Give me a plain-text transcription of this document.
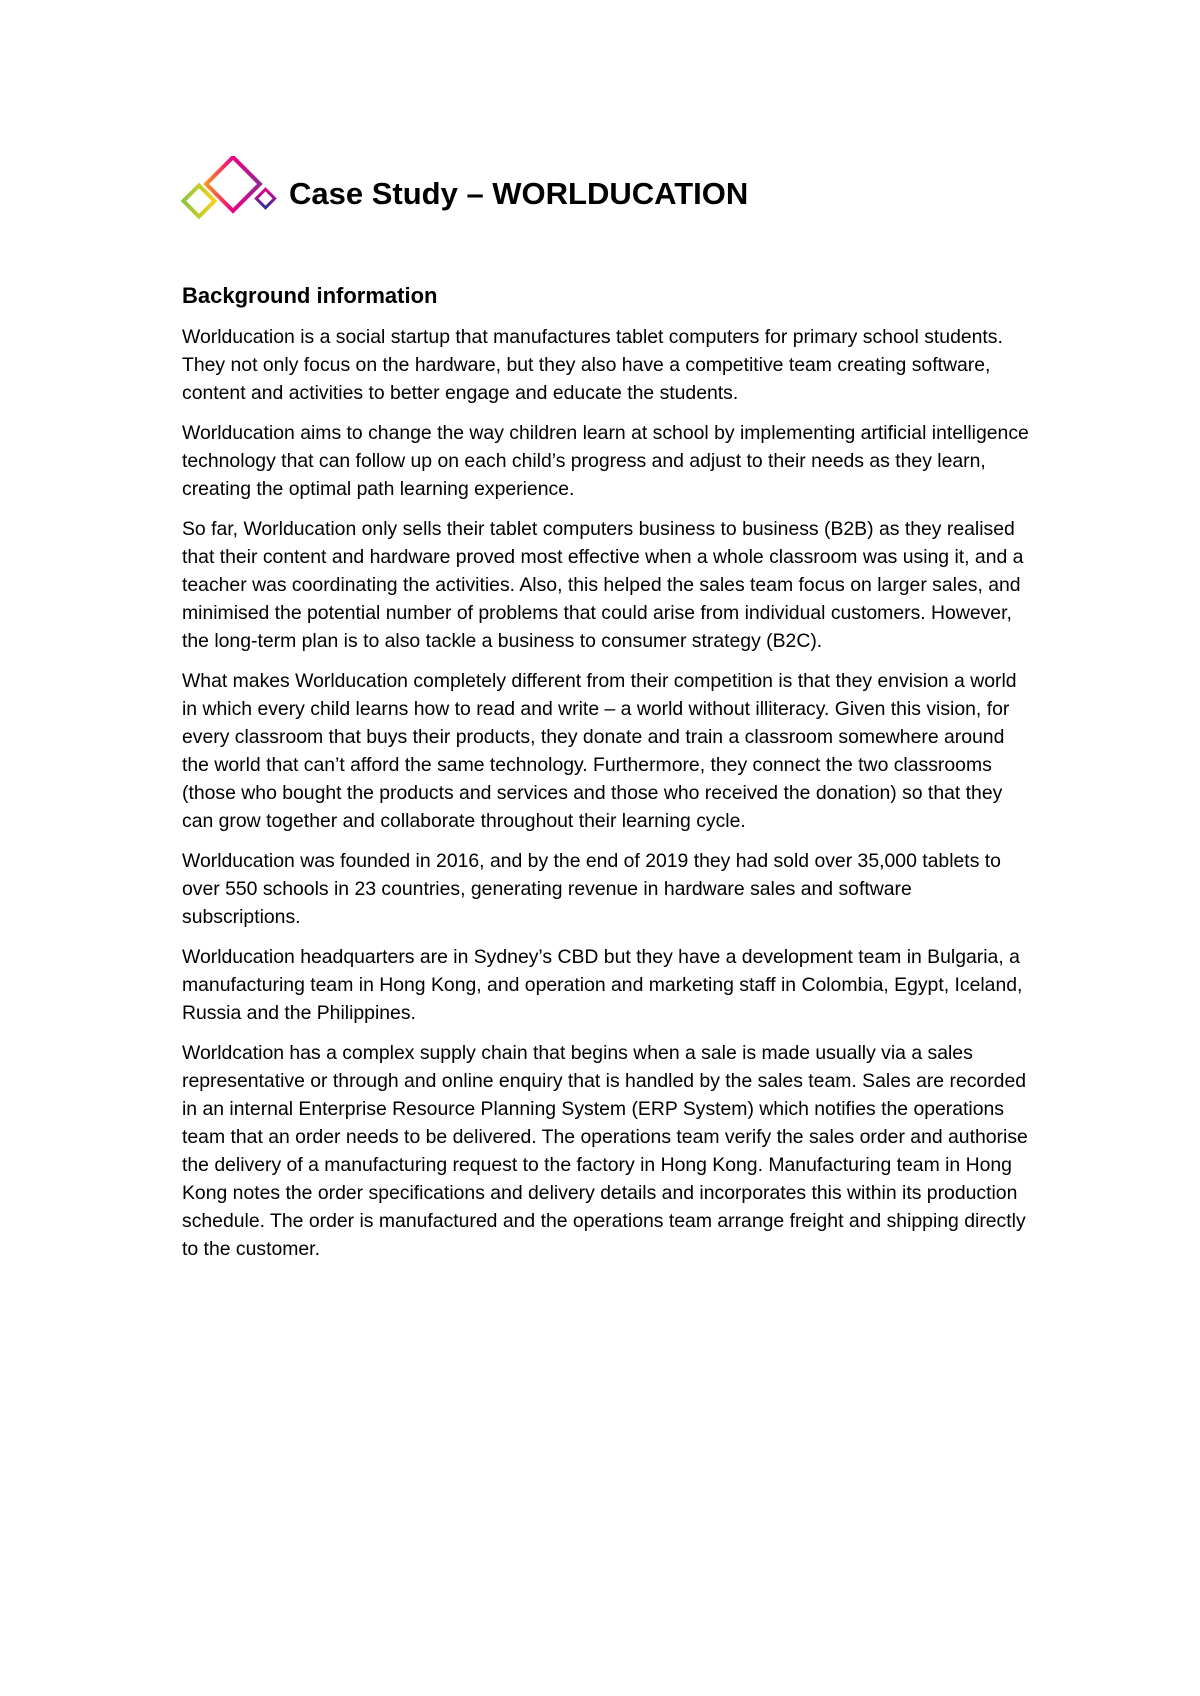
Case Study – WORLDUCATION
Background information

Worlducation is a social startup that manufactures tablet computers for primary school students. They not only focus on the hardware, but they also have a competitive team creating software, content and activities to better engage and educate the students.

Worlducation aims to change the way children learn at school by implementing artificial intelligence technology that can follow up on each child’s progress and adjust to their needs as they learn, creating the optimal path learning experience.

So far, Worlducation only sells their tablet computers business to business (B2B) as they realised that their content and hardware proved most effective when a whole classroom was using it, and a teacher was coordinating the activities. Also, this helped the sales team focus on larger sales, and minimised the potential number of problems that could arise from individual customers. However, the long-term plan is to also tackle a business to consumer strategy (B2C).

What makes Worlducation completely different from their competition is that they envision a world in which every child learns how to read and write – a world without illiteracy. Given this vision, for every classroom that buys their products, they donate and train a classroom somewhere around the world that can’t afford the same technology. Furthermore, they connect the two classrooms (those who bought the products and services and those who received the donation) so that they can grow together and collaborate throughout their learning cycle.

Worlducation was founded in 2016, and by the end of 2019 they had sold over 35,000 tablets to over 550 schools in 23 countries, generating revenue in hardware sales and software subscriptions.

Worlducation headquarters are in Sydney’s CBD but they have a development team in Bulgaria, a manufacturing team in Hong Kong, and operation and marketing staff in Colombia, Egypt, Iceland, Russia and the Philippines.

Worldcation has a complex supply chain that begins when a sale is made usually via a sales representative or through and online enquiry that is handled by the sales team. Sales are recorded in an internal Enterprise Resource Planning System (ERP System) which notifies the operations team that an order needs to be delivered. The operations team verify the sales order and authorise the delivery of a manufacturing request to the factory in Hong Kong. Manufacturing team in Hong Kong notes the order specifications and delivery details and incorporates this within its production schedule. The order is manufactured and the operations team arrange freight and shipping directly to the customer.
